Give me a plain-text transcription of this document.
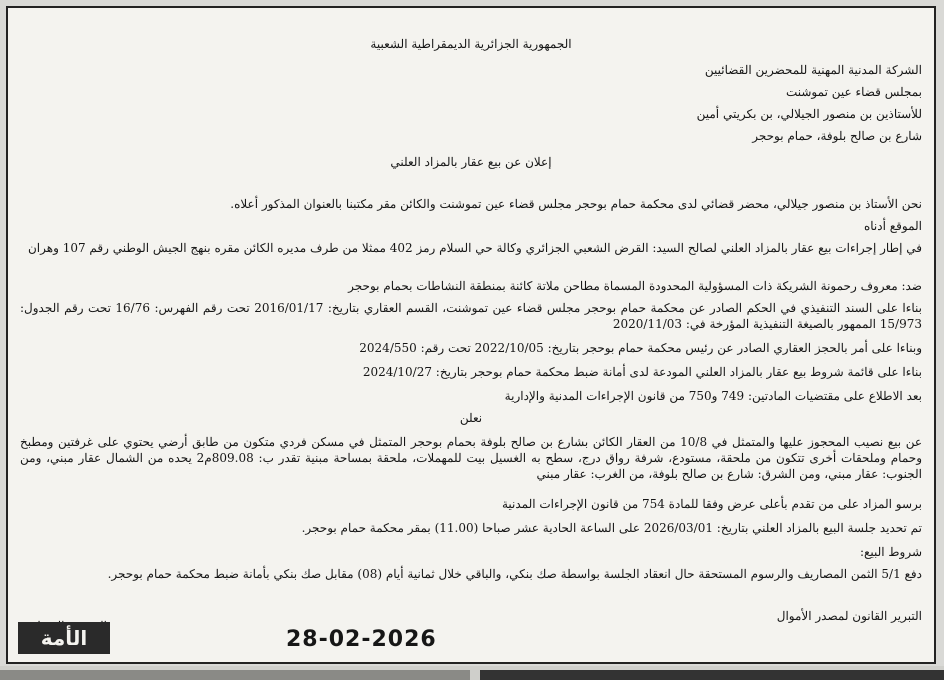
الجمهورية الجزائرية الديمقراطية الشعبية
الشركة المدنية المهنية للمحضرين القضائيين
بمجلس قضاء عين تموشنت
للأستاذين بن منصور الجيلالي، بن بكريتي أمين
شارع بن صالح بلوفة، حمام بوحجر
إعلان عن بيع عقار بالمزاد العلني
نحن الأستاذ بن منصور جيلالي، محضر قضائي لدى محكمة حمام بوحجر مجلس قضاء عين تموشنت والكائن مقر مكتبنا بالعنوان المذكور أعلاه.
الموقع أدناه
في إطار إجراءات بيع عقار بالمزاد العلني لصالح السيد: القرض الشعبي الجزائري وكالة حي السلام رمز 402 ممثلا من طرف مديره الكائن مقره بنهج الجيش الوطني رقم 107 وهران
ضد: معروف رحمونة الشريكة ذات المسؤولية المحدودة المسماة مطاحن ملاتة كائنة بمنطقة النشاطات بحمام بوحجر
بناءا على السند التنفيذي في الحكم الصادر عن محكمة حمام بوحجر مجلس قضاء عين تموشنت، القسم العقاري بتاريخ: 2016/01/17 تحت رقم الفهرس: 16/76 تحت رقم الجدول: 15/973 الممهور بالصيغة التنفيذية المؤرخة في: 2020/11/03
وبناءا على أمر بالحجز العقاري الصادر عن رئيس محكمة حمام بوحجر بتاريخ: 2022/10/05 تحت رقم: 2024/550
بناءا على قائمة شروط بيع عقار بالمزاد العلني المودعة لدى أمانة ضبط محكمة حمام بوحجر بتاريخ: 2024/10/27
بعد الاطلاع على مقتضيات المادتين: 749 و750 من قانون الإجراءات المدنية والإدارية
نعلن
عن بيع نصيب المحجوز عليها والمتمثل في 10/8 من العقار الكائن بشارع بن صالح بلوفة بحمام بوحجر المتمثل في مسكن فردي متكون من طابق أرضي يحتوي على غرفتين ومطبخ وحمام وملحقات أخرى تتكون من ملحقة، مستودع، شرفة رواق درج، سطح به الغسيل بيت للمهملات، ملحقة بمساحة مبنية تقدر ب: 809.08م2 يحده من الشمال عقار مبني، ومن الجنوب: عقار مبني، ومن الشرق: شارع بن صالح بلوفة، من الغرب: عقار مبني
برسو المزاد على من تقدم بأعلى عرض وفقا للمادة 754 من قانون الإجراءات المدنية
تم تحديد جلسة البيع بالمزاد العلني بتاريخ: 2026/03/01 على الساعة الحادية عشر صباحا (11.00) بمقر محكمة حمام بوحجر.
شروط البيع:
دفع 5/1 الثمن المصاريف والرسوم المستحقة حال انعقاد الجلسة بواسطة صك بنكي، والباقي خلال ثمانية أيام (08) مقابل صك بنكي بأمانة ضبط محكمة حمام بوحجر.
التبرير القانون لمصدر الأموال
الأمة	28-02-2026
